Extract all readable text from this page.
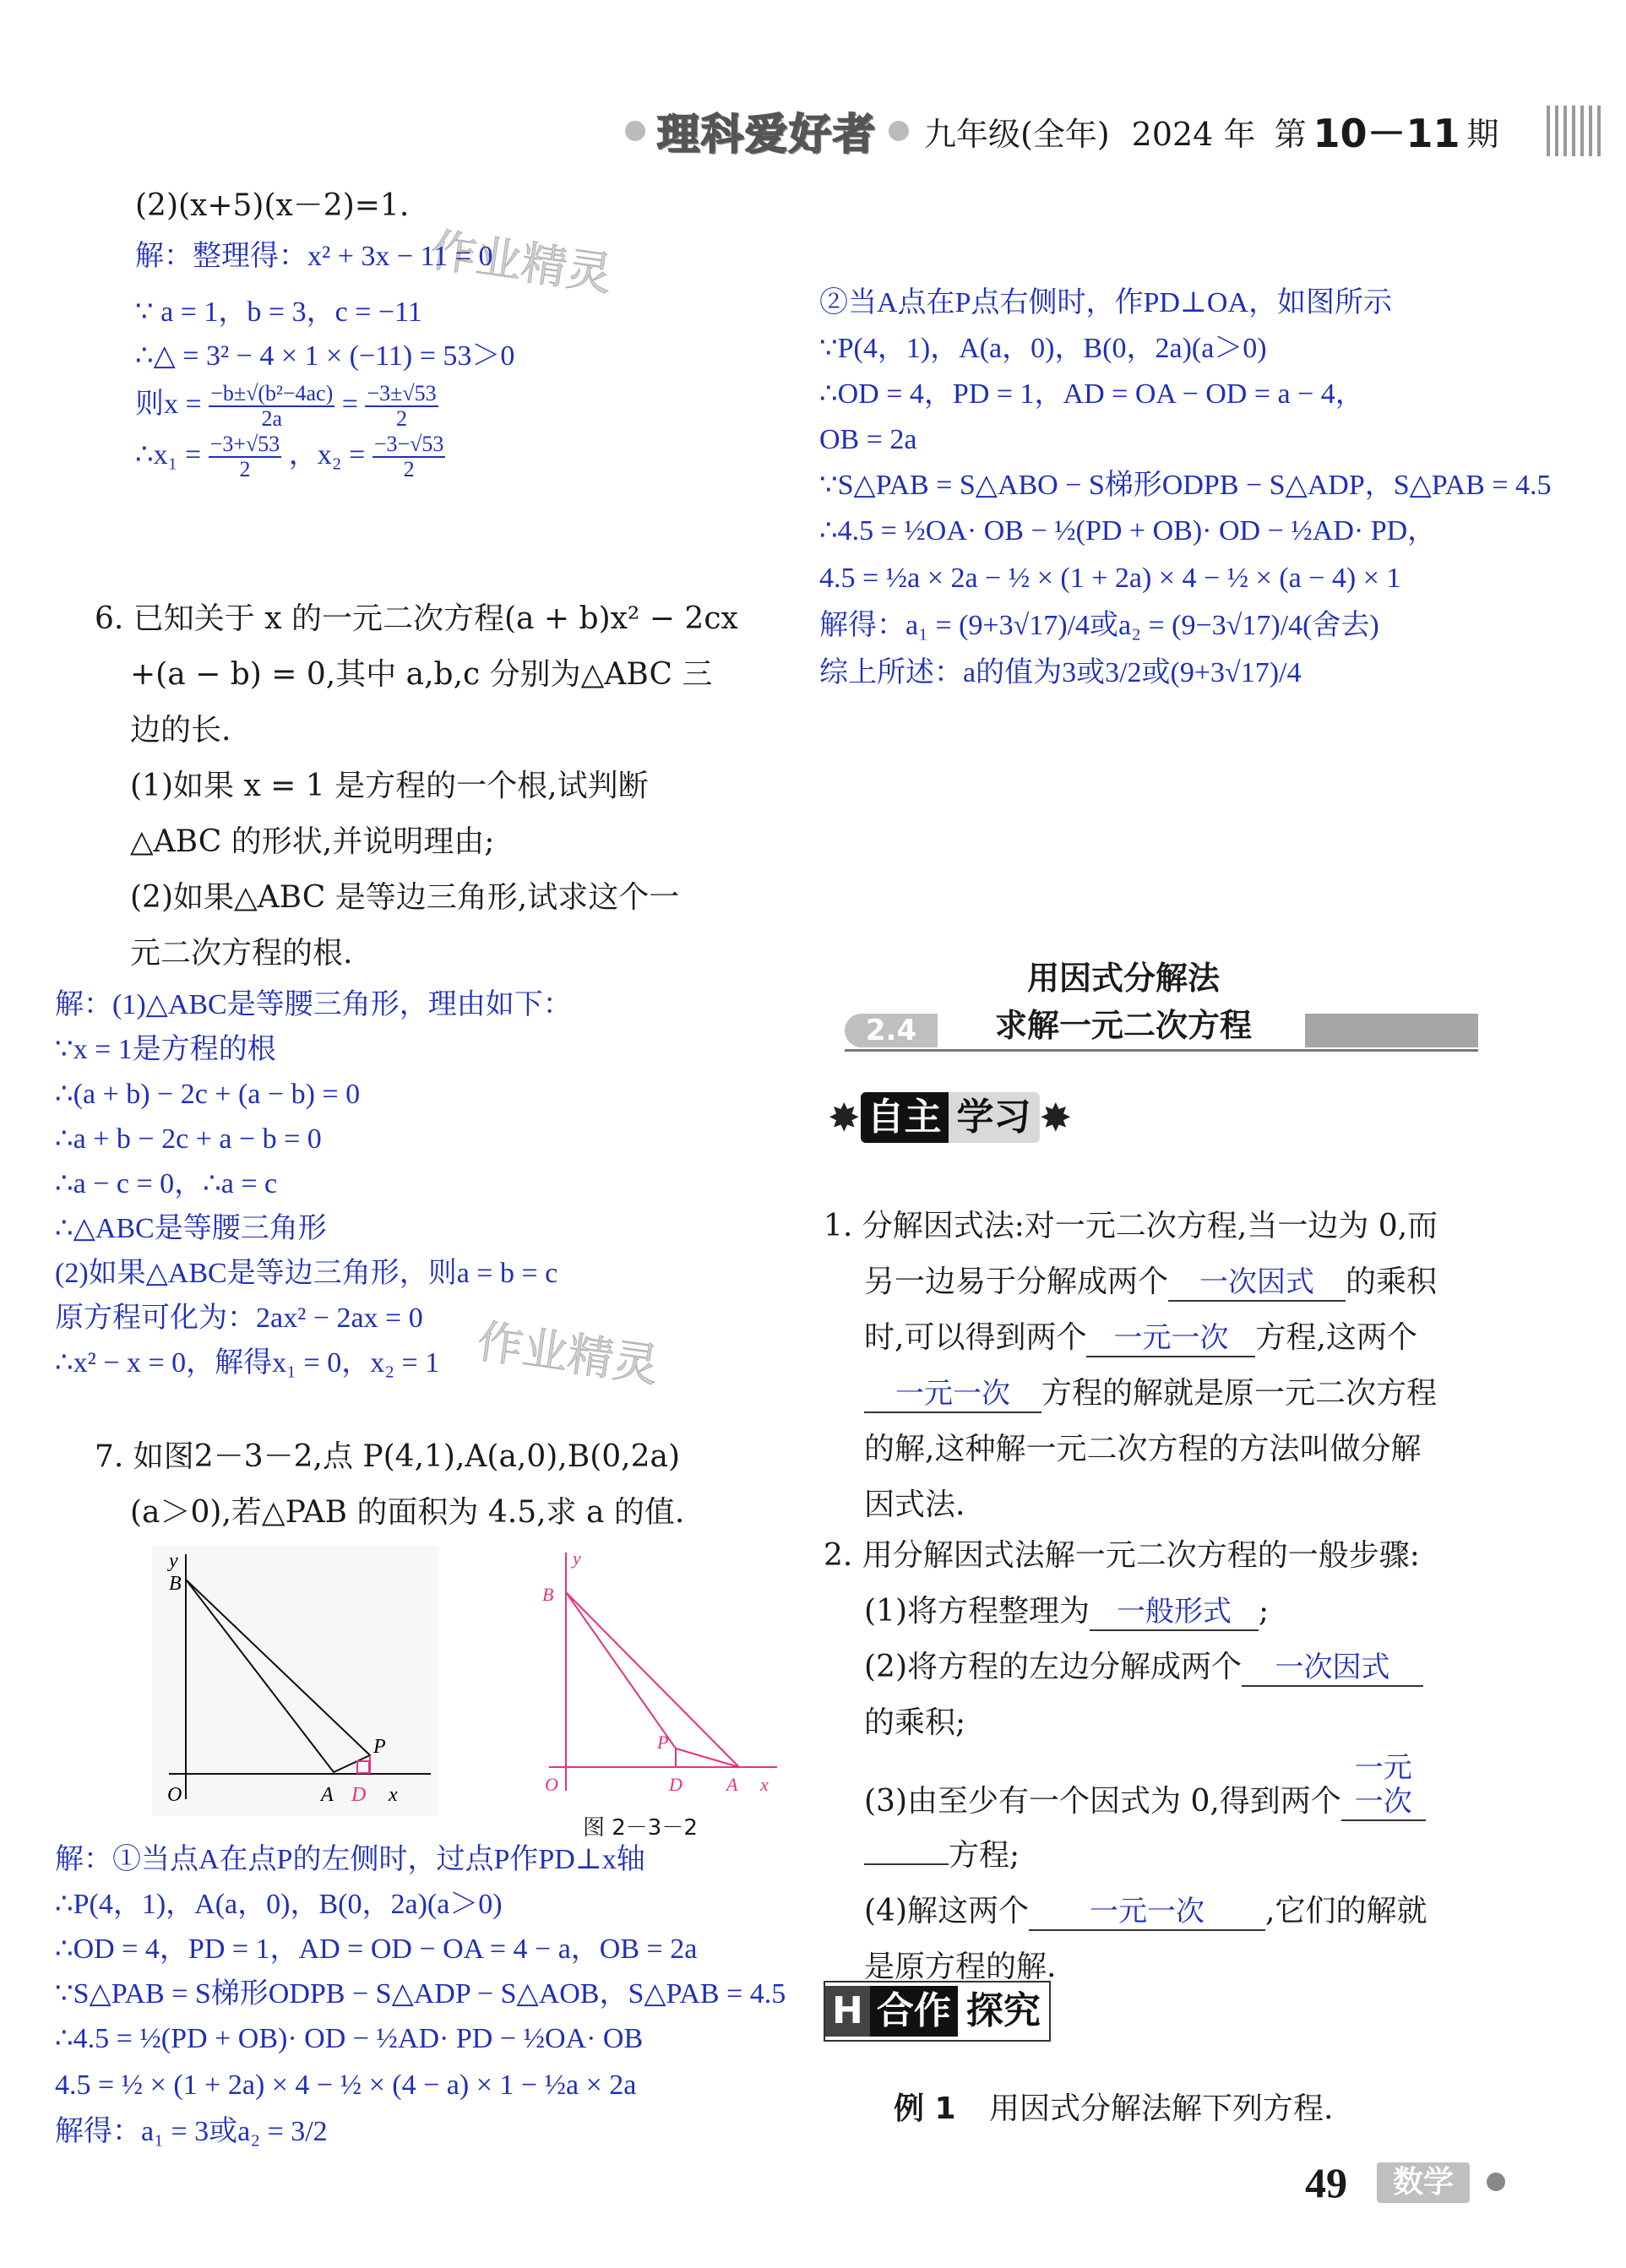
理科爱好者 九年级(全年) 2024 年 第 10－11 期
作业精灵
作业精灵
(2)(x+5)(x－2)=1.
解：整理得：x² + 3x − 11 = 0
∵ a = 1，b = 3，c = −11
∴△ = 3² − 4 × 1 × (−11) = 53＞0
则$x = \frac{\text{−b±√(b²−4ac)}}{2a} = \frac{-3\pm√53}{2}$
∴x₁ = $\frac{-3+√53}{2}$ ，$x_2 = \frac{-3-√53}{2}$
6. 已知关于 x 的一元二次方程(a + b)x² − 2cx
+(a − b) = 0,其中 a,b,c 分别为△ABC 三
边的长.
(1)如果 x = 1 是方程的一个根,试判断
△ABC 的形状,并说明理由;
(2)如果△ABC 是等边三角形,试求这个一
元二次方程的根.
解：(1)△ABC是等腰三角形，理由如下：
∵x = 1是方程的根
∴(a + b) − 2c + (a − b) = 0
∴a + b − 2c + a − b = 0
∴a − c = 0，∴a = c
∴△ABC是等腰三角形
(2)如果△ABC是等边三角形，则a = b = c
原方程可化为：2ax² − 2ax = 0
∴x² − x = 0，解得x₁ = 0，x₂ = 1
7. 如图2－3－2,点 P(4,1),A(a,0),B(0,2a)
(a＞0),若△PAB 的面积为 4.5,求 a 的值.
y
B
P
O	A D x
y
B
P
O	D A x
图 2－3－2
解：①当点A在点P的左侧时，过点P作PD⊥x轴
∴P(4，1)，A(a，0)，B(0，2a)(a＞0)
∴OD = 4，PD = 1，AD = OD − OA = 4 − a，OB = 2a
∵S△PAB = S梯形ODPB − S△ADP − S△AOB，S△PAB = 4.5
∴4.5 = ½(PD + OB)· OD − ½AD· PD − ½OA· OB
4.5 = ½ × (1 + 2a) × 4 − ½ × (4 − a) × 1 − ½a × 2a
解得：a₁ = 3或a₂ = 3/2
②当A点在P点右侧时，作PD⊥OA，如图所示
∵P(4，1)，A(a，0)，B(0，2a)(a＞0)
∴OD = 4，PD = 1，AD = OA − OD = a − 4，
OB = 2a
∵S△PAB = S△ABO − S梯形ODPB − S△ADP，S△PAB = 4.5
∴4.5 = ½OA· OB − ½(PD + OB)· OD − ½AD· PD，
4.5 = ½a × 2a − ½ × (1 + 2a) × 4 − ½ × (a − 4) × 1
解得：a₁ = (9+3√17)/4或a₂ = (9−3√17)/4(舍去)
综上所述：a的值为3或3/2或(9+3√17)/4
用因式分解法
求解一元二次方程
2.4
✸ 自主 学习 ✸
1. 分解因式法:对一元二次方程,当一边为 0,而
另一边易于分解成两个 一次因式 的乘积
时,可以得到两个 一元一次 方程,这两个
一元一次 方程的解就是原一元二次方程
的解,这种解一元二次方程的方法叫做分解
因式法.
2. 用分解因式法解一元二次方程的一般步骤:
(1)将方程整理为 一般形式 ;
(2)将方程的左边分解成两个 一次因式
的乘积;
(3)由至少有一个因式为 0,得到两个一元一次
方程;
(4)解这两个 一元一次 ,它们的解就
是原方程的解.
H 合作 探究
例 1 用因式分解法解下列方程.
49	数学
